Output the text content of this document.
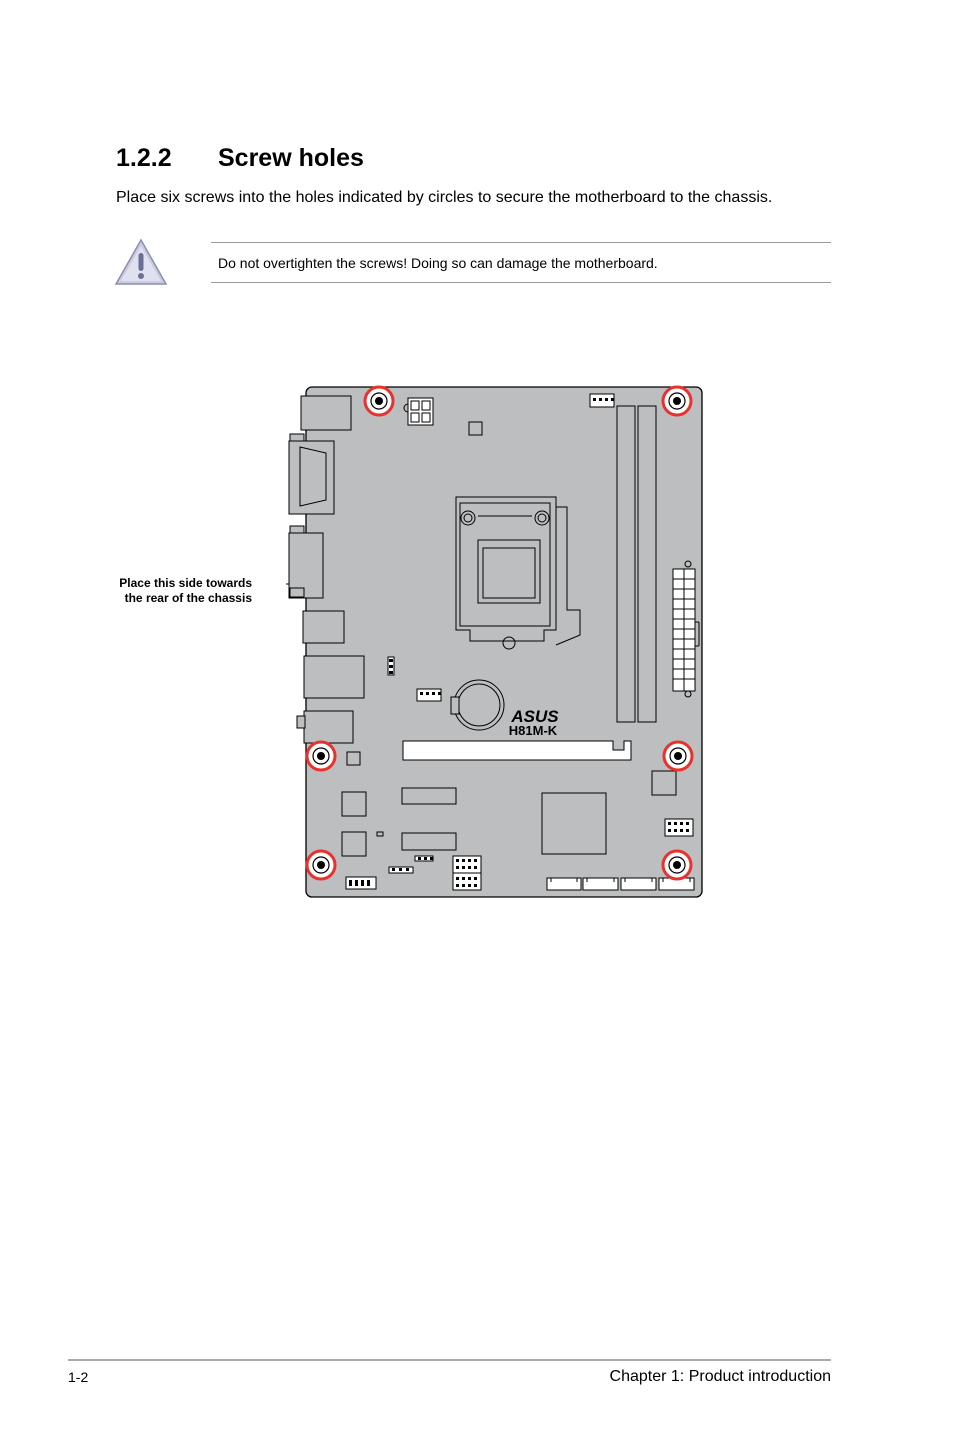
1.2.2 Screw holes
Place six screws into the holes indicated by circles to secure the motherboard to the chassis.
Do not overtighten the screws! Doing so can damage the motherboard.
Place this side towards
the rear of the chassis
ASUS
H81M-K
1-2	Chapter 1: Product introduction
